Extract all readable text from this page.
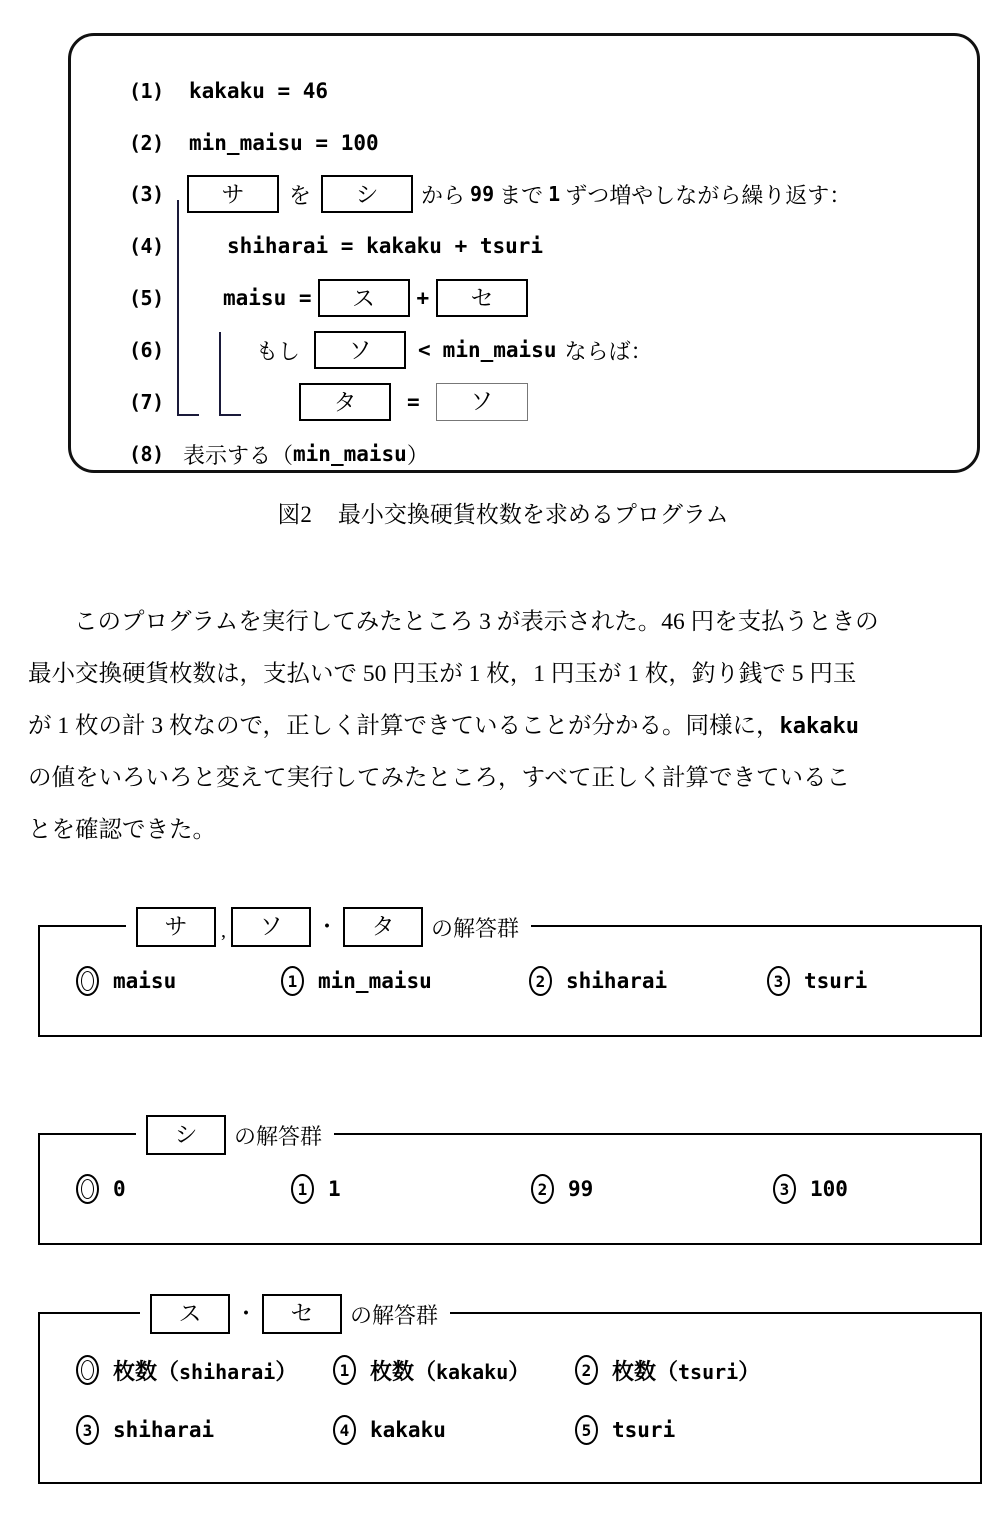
(1)	kakaku = 46
(2)	min_maisu = 100
(3)	サ	を	シ	から 99 まで 1 ずつ増やしながら繰り返す：
(4)	shiharai = kakaku + tsuri
(5)	maisu =	ス	+	セ
(6)	もし	ソ	< min_maisu ならば：
(7)	タ	=	ソ
(8) 表示する（ min_maisu ）
図2 最小交換硬貨枚数を求めるプログラム
このプログラムを実行してみたところ 3 が表示された。46 円を支払うときの
最小交換硬貨枚数は，支払いで 50 円玉が 1 枚，1 円玉が 1 枚，釣り銭で 5 円玉
が 1 枚の計 3 枚なので，正しく計算できていることが分かる。同様に，kakaku
の値をいろいろと変えて実行してみたところ，すべて正しく計算できているこ
とを確認できた。
サ	,	ソ	・	タ	の解答群
maisu	1 min_maisu	2 shiharai	3 tsuri
シ	の解答群
0	1 1	2 99	3 100
ス	・	セ	の解答群
枚数（shiharai）	1 枚数（kakaku）	2 枚数（tsuri）
3 shiharai	4 kakaku	5 tsuri
